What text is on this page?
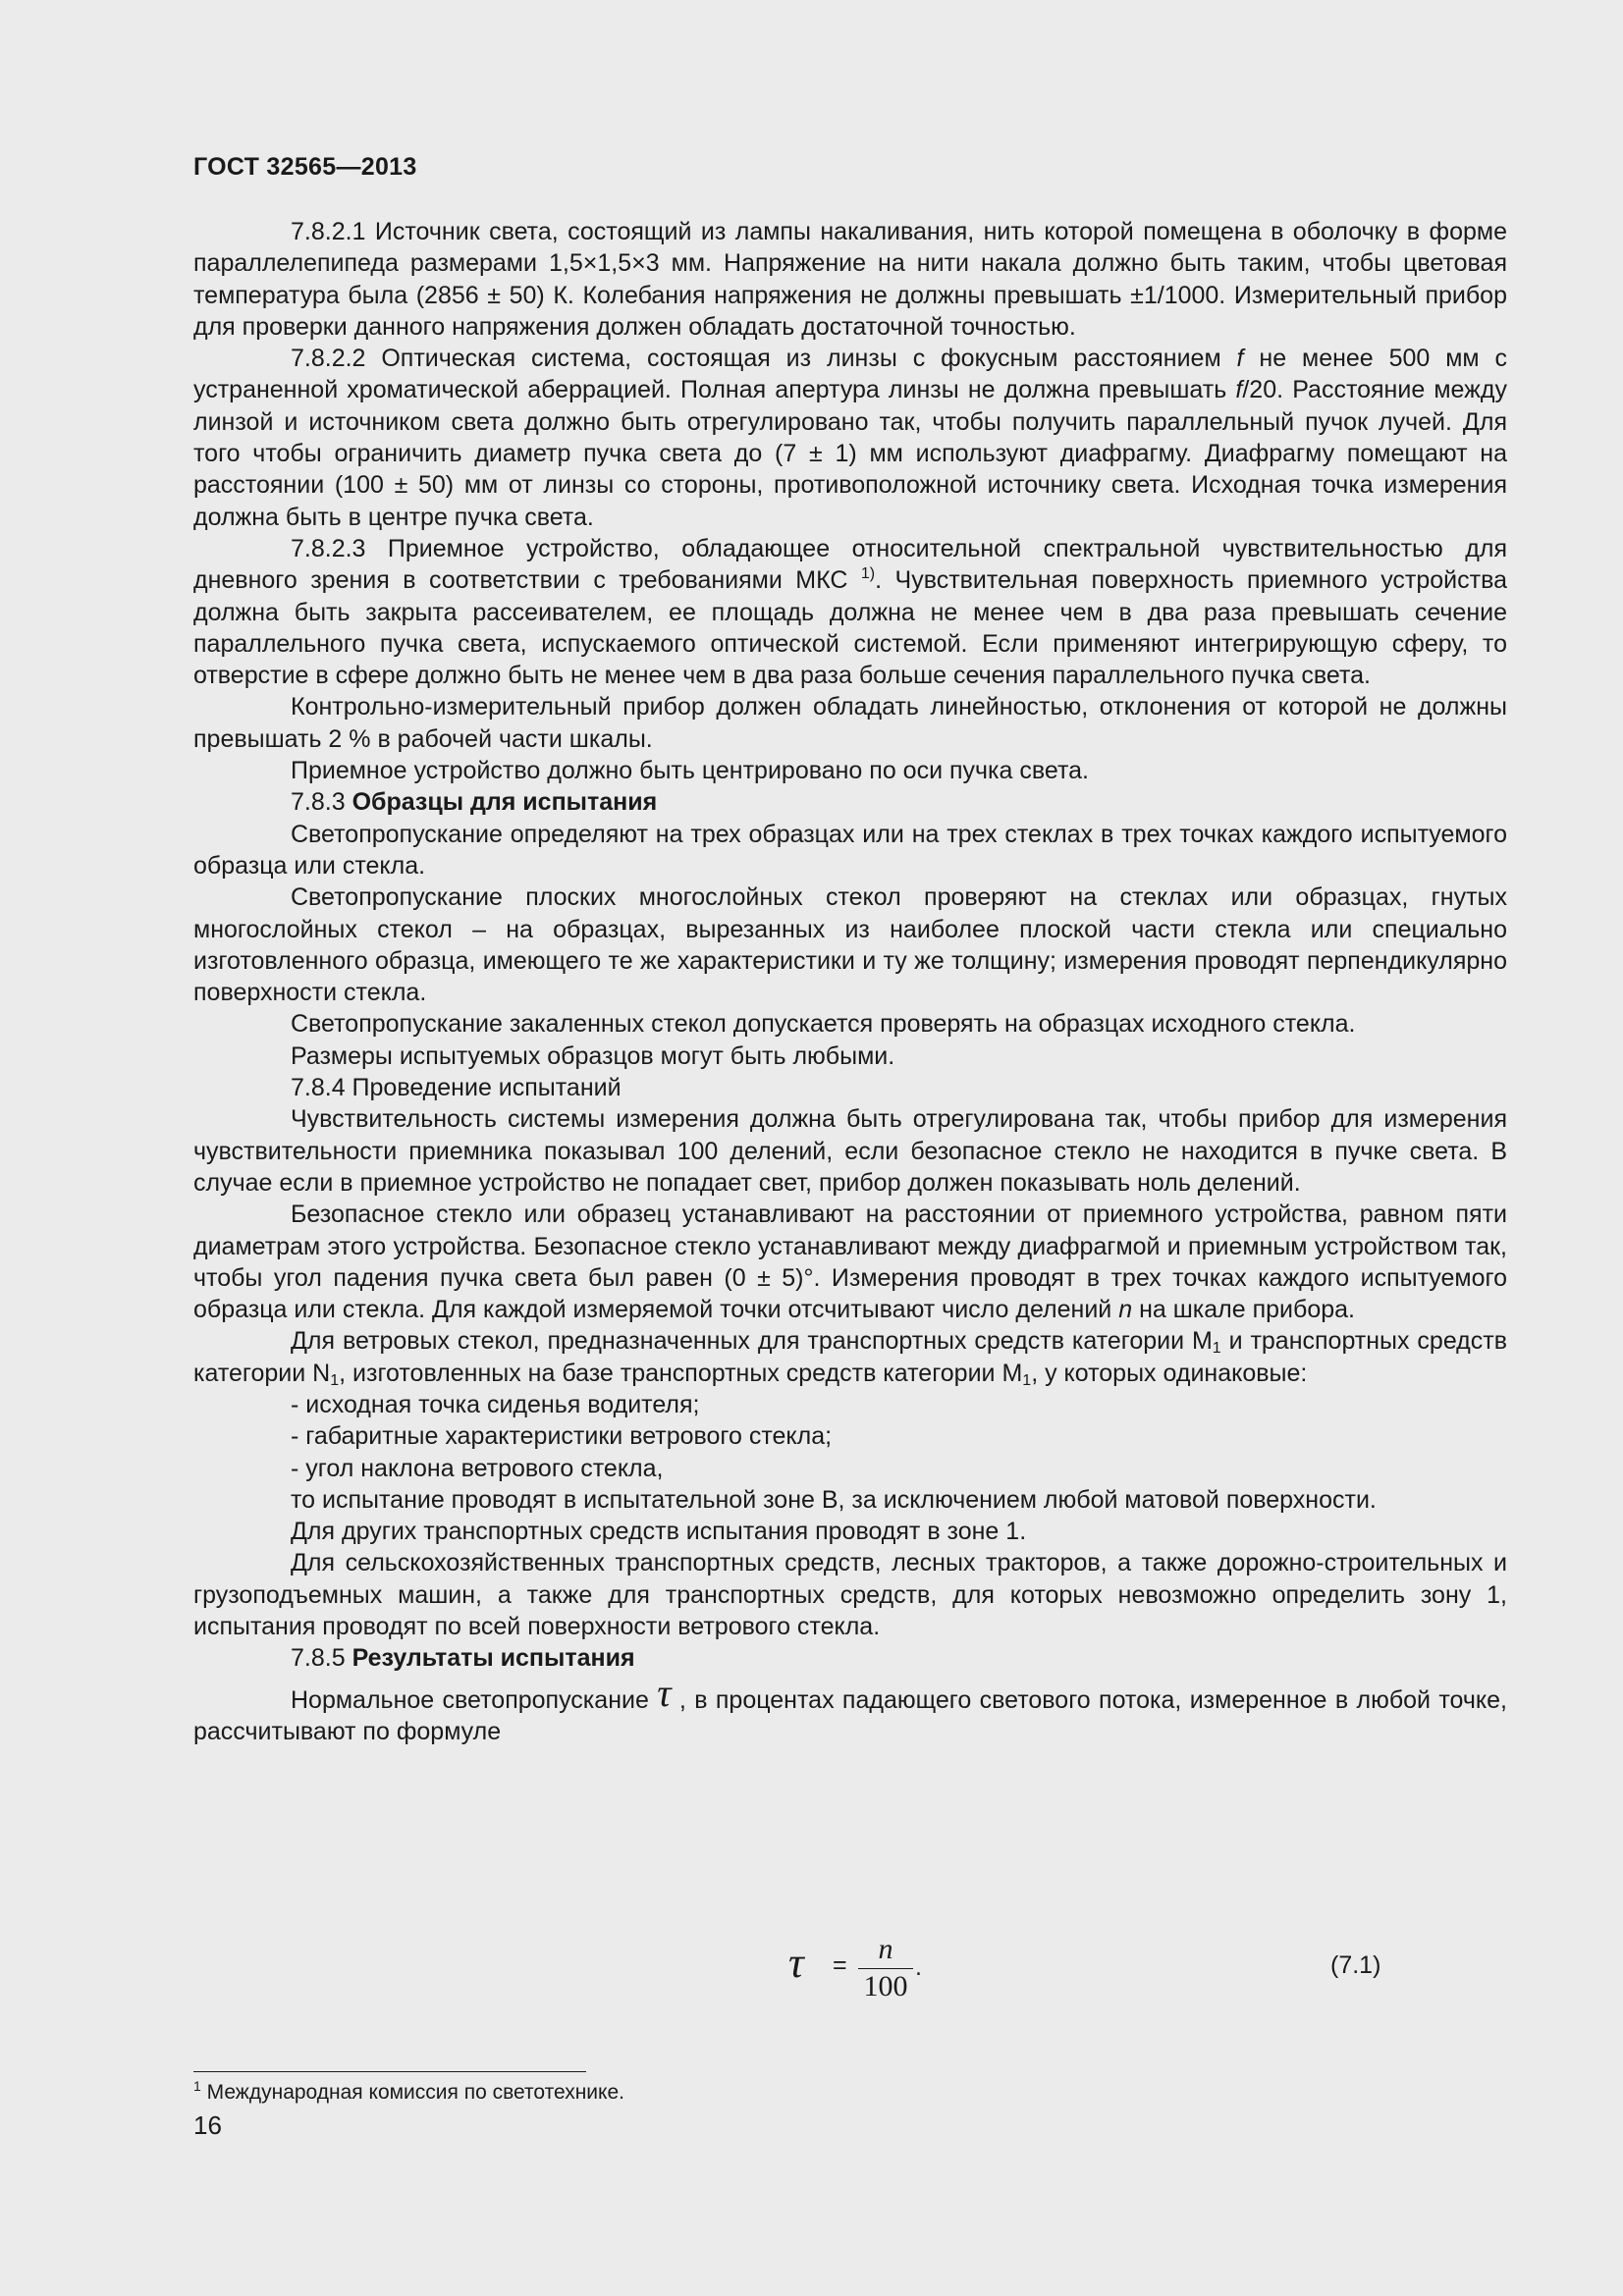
ГОСТ 32565—2013

7.8.2.1 Источник света, состоящий из лампы накаливания, нить которой помещена в оболочку в форме параллелепипеда размерами 1,5×1,5×3 мм. Напряжение на нити накала должно быть таким, чтобы цветовая температура была (2856 ± 50) К. Колебания напряжения не должны превышать ±1/1000. Измерительный прибор для проверки данного напряжения должен обладать достаточной точностью.

7.8.2.2 Оптическая система, состоящая из линзы с фокусным расстоянием f не менее 500 мм с устраненной хроматической аберрацией. Полная апертура линзы не должна превышать f/20. Расстояние между линзой и источником света должно быть отрегулировано так, чтобы получить параллельный пучок лучей. Для того чтобы ограничить диаметр пучка света до (7 ± 1) мм используют диафрагму. Диафрагму помещают на расстоянии (100 ± 50) мм от линзы со стороны, противоположной источнику света. Исходная точка измерения должна быть в центре пучка света.

7.8.2.3 Приемное устройство, обладающее относительной спектральной чувствительностью для дневного зрения в соответствии с требованиями МКС $^{1)}$. Чувствительная поверхность приемного устройства должна быть закрыта рассеивателем, ее площадь должна не менее чем в два раза превышать сечение параллельного пучка света, испускаемого оптической системой. Если применяют интегрирующую сферу, то отверстие в сфере должно быть не менее чем в два раза больше сечения параллельного пучка света.

Контрольно-измерительный прибор должен обладать линейностью, отклонения от которой не должны превышать 2 % в рабочей части шкалы.

Приемное устройство должно быть центрировано по оси пучка света.

7.8.3 Образцы для испытания

Светопропускание определяют на трех образцах или на трех стеклах в трех точках каждого испытуемого образца или стекла.

Светопропускание плоских многослойных стекол проверяют на стеклах или образцах, гнутых многослойных стекол – на образцах, вырезанных из наиболее плоской части стекла или специально изготовленного образца, имеющего те же характеристики и ту же толщину; измерения проводят перпендикулярно поверхности стекла.

Светопропускание закаленных стекол допускается проверять на образцах исходного стекла.

Размеры испытуемых образцов могут быть любыми.

7.8.4 Проведение испытаний

Чувствительность системы измерения должна быть отрегулирована так, чтобы прибор для измерения чувствительности приемника показывал 100 делений, если безопасное стекло не находится в пучке света. В случае если в приемное устройство не попадает свет, прибор должен показывать ноль делений.

Безопасное стекло или образец устанавливают на расстоянии от приемного устройства, равном пяти диаметрам этого устройства. Безопасное стекло устанавливают между диафрагмой и приемным устройством так, чтобы угол падения пучка света был равен (0 ± 5)°. Измерения проводят в трех точках каждого испытуемого образца или стекла. Для каждой измеряемой точки отсчитывают число делений n на шкале прибора.

Для ветровых стекол, предназначенных для транспортных средств категории $М_1$ и транспортных средств категории $N_1$, изготовленных на базе транспортных средств категории $М_1$, у которых одинаковые:

- исходная точка сиденья водителя;

- габаритные характеристики ветрового стекла;

- угол наклона ветрового стекла,

то испытание проводят в испытательной зоне В, за исключением любой матовой поверхности.

Для других транспортных средств испытания проводят в зоне 1.

Для сельскохозяйственных транспортных средств, лесных тракторов, а также дорожно-строительных и грузоподъемных машин, а также для транспортных средств, для которых невозможно определить зону 1, испытания проводят по всей поверхности ветрового стекла.

7.8.5 Результаты испытания

Нормальное светопропускание τ , в процентах падающего светового потока, измеренное в любой точке, рассчитывают по формуле

τ =	n
100
.	(7.1)
$^1$ Международная комиссия по светотехнике.
16
